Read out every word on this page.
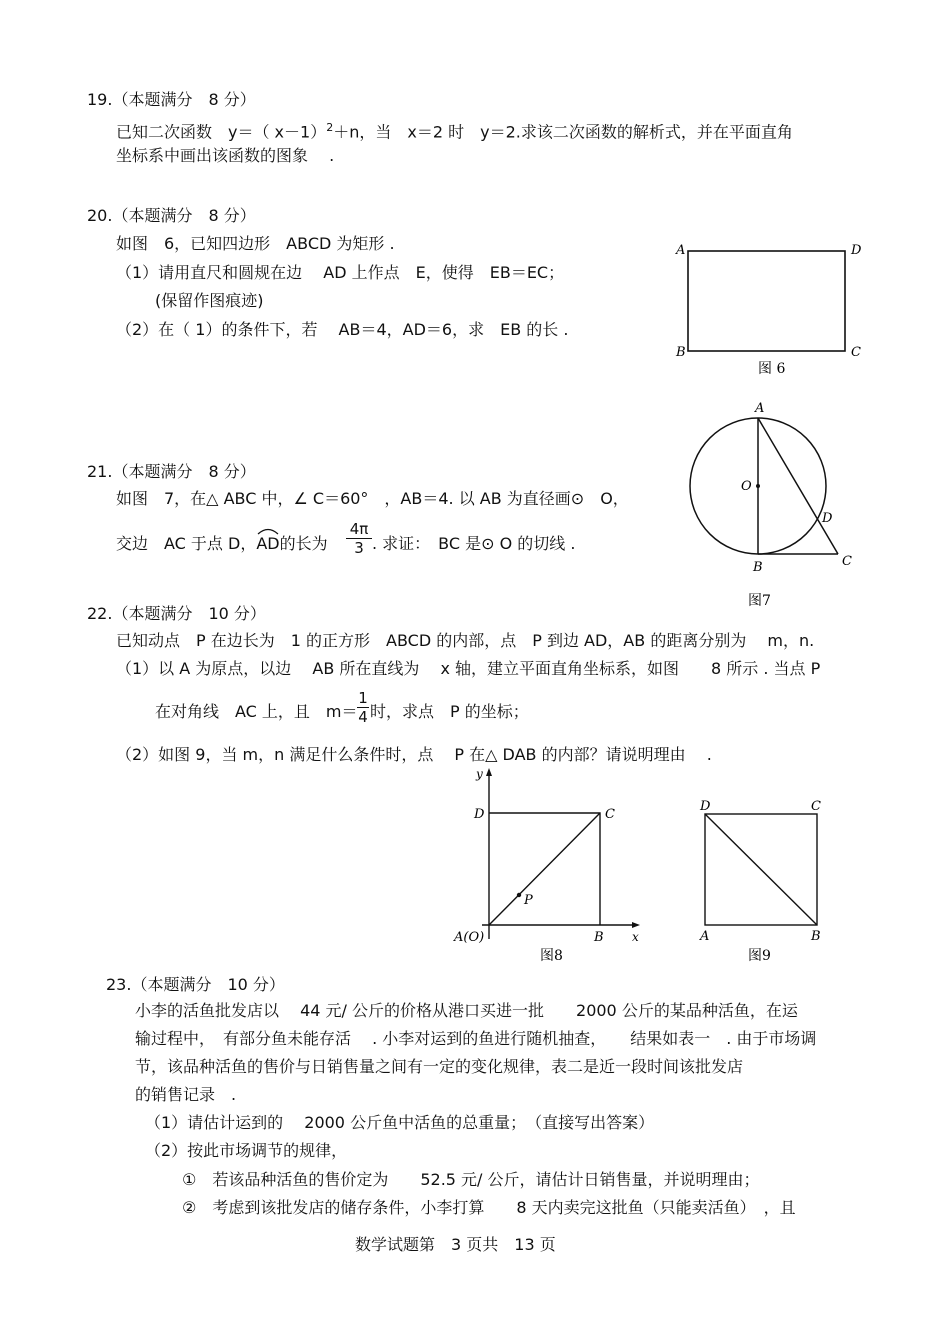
19.（本题满分　8 分）
已知二次函数　y＝（ x－1）$^2$＋n，当　x＝2 时　y＝2.求该二次函数的解析式，并在平面直角
坐标系中画出该函数的图象　 .
20.（本题满分　8 分）
如图　6，已知四边形　ABCD 为矩形 .
（1）请用直尺和圆规在边　 AD 上作点　E，使得　EB＝EC；
(保留作图痕迹)
（2）在（ 1）的条件下，若　 AB＝4，AD＝6，求　EB 的长 .
A	D
B	C
图 6
A
O
D
B	C
图7
21.（本题满分　8 分）
如图　7，在△ ABC 中，∠ C＝60°　，AB＝4. 以 AB 为直径画⊙　O，
交边　AC 于点 D，
AD的长为
4π
3 . 求证：　BC 是⊙ O 的切线 .
22.（本题满分　10 分）
已知动点　P 在边长为　1 的正方形　ABCD 的内部，点　P 到边 AD，AB 的距离分别为　 m，n.
（1）以 A 为原点，以边　 AB 所在直线为　 x 轴，建立平面直角坐标系，如图　　8 所示 . 当点 P
在对角线　AC 上，且　m＝
1
4 时，求点　P 的坐标；
（2）如图 9，当 m，n 满足什么条件时，点　 P 在△ DAB 的内部？请说明理由　 .
y
x
D	C
P
A(O)	B
图8
D	C
A	B
图9
23.（本题满分　10 分）
小李的活鱼批发店以　 44 元/ 公斤的价格从港口买进一批　　2000 公斤的某品种活鱼，在运
输过程中，　有部分鱼未能存活　 . 小李对运到的鱼进行随机抽查，　　结果如表一　. 由于市场调
节，该品种活鱼的售价与日销售量之间有一定的变化规律，表二是近一段时间该批发店
的销售记录　.
（1）请估计运到的　 2000 公斤鱼中活鱼的总重量；　（直接写出答案）
（2）按此市场调节的规律，
①　若该品种活鱼的售价定为　　52.5 元/ 公斤，请估计日销售量，并说明理由；
②　考虑到该批发店的储存条件，小李打算　　8 天内卖完这批鱼（只能卖活鱼）　，且
数学试题第　3 页共　13 页
